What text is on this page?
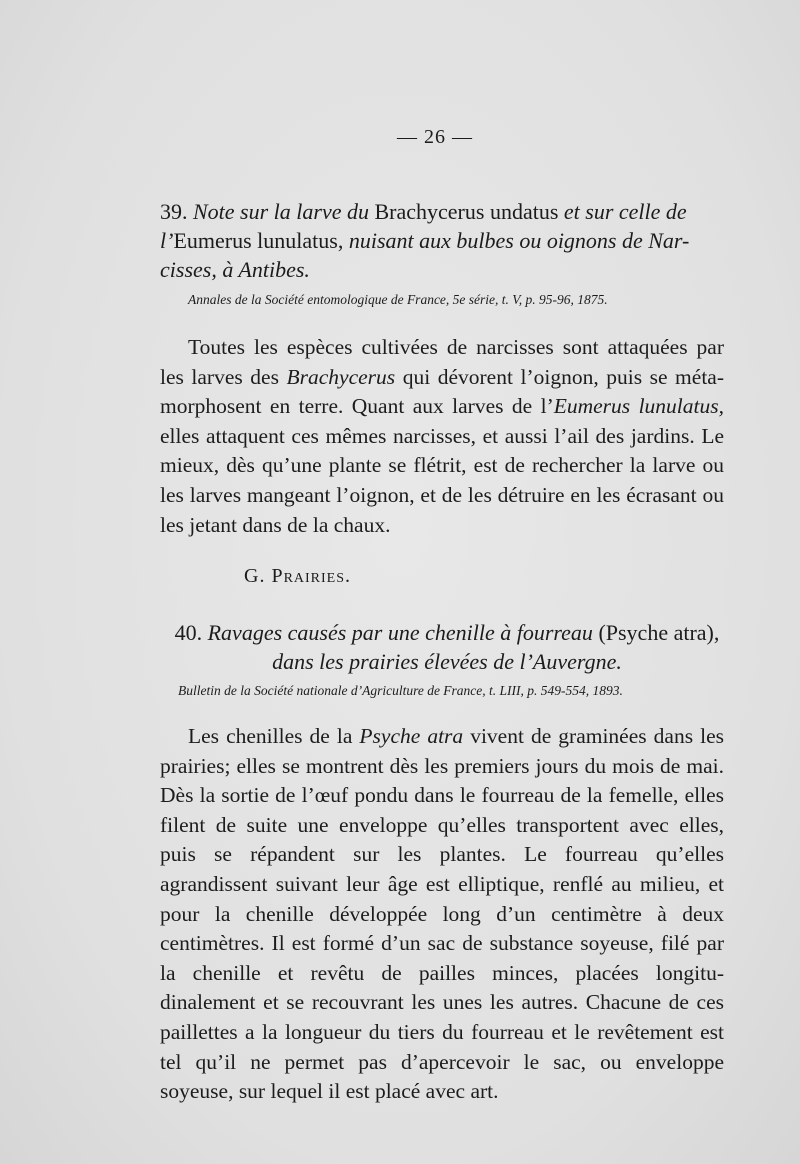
— 26 —
39. Note sur la larve du Brachycerus undatus et sur celle de l’Eumerus lunulatus, nuisant aux bulbes ou oignons de Nar-cisses, à Antibes.
Annales de la Société entomologique de France, 5e série, t. V, p. 95-96, 1875.

Toutes les espèces cultivées de narcisses sont attaquées par les larves des Brachycerus qui dévorent l’oignon, puis se méta-morphosent en terre. Quant aux larves de l’Eumerus lunulatus, elles attaquent ces mêmes narcisses, et aussi l’ail des jardins. Le mieux, dès qu’une plante se flétrit, est de rechercher la larve ou les larves mangeant l’oignon, et de les détruire en les écrasant ou les jetant dans de la chaux.

G. Prairies.
40. Ravages causés par une chenille à fourreau (Psyche atra), dans les prairies élevées de l’Auvergne.
Bulletin de la Société nationale d’Agriculture de France, t. LIII, p. 549-554, 1893.

Les chenilles de la Psyche atra vivent de graminées dans les prairies; elles se montrent dès les premiers jours du mois de mai. Dès la sortie de l’œuf pondu dans le fourreau de la femelle, elles filent de suite une enveloppe qu’elles transportent avec elles, puis se répandent sur les plantes. Le fourreau qu’elles agrandissent suivant leur âge est elliptique, renflé au milieu, et pour la chenille développée long d’un centimètre à deux centimètres. Il est formé d’un sac de substance soyeuse, filé par la chenille et revêtu de pailles minces, placées longitu-dinalement et se recouvrant les unes les autres. Chacune de ces paillettes a la longueur du tiers du fourreau et le revêtement est tel qu’il ne permet pas d’apercevoir le sac, ou enveloppe soyeuse, sur lequel il est placé avec art.
